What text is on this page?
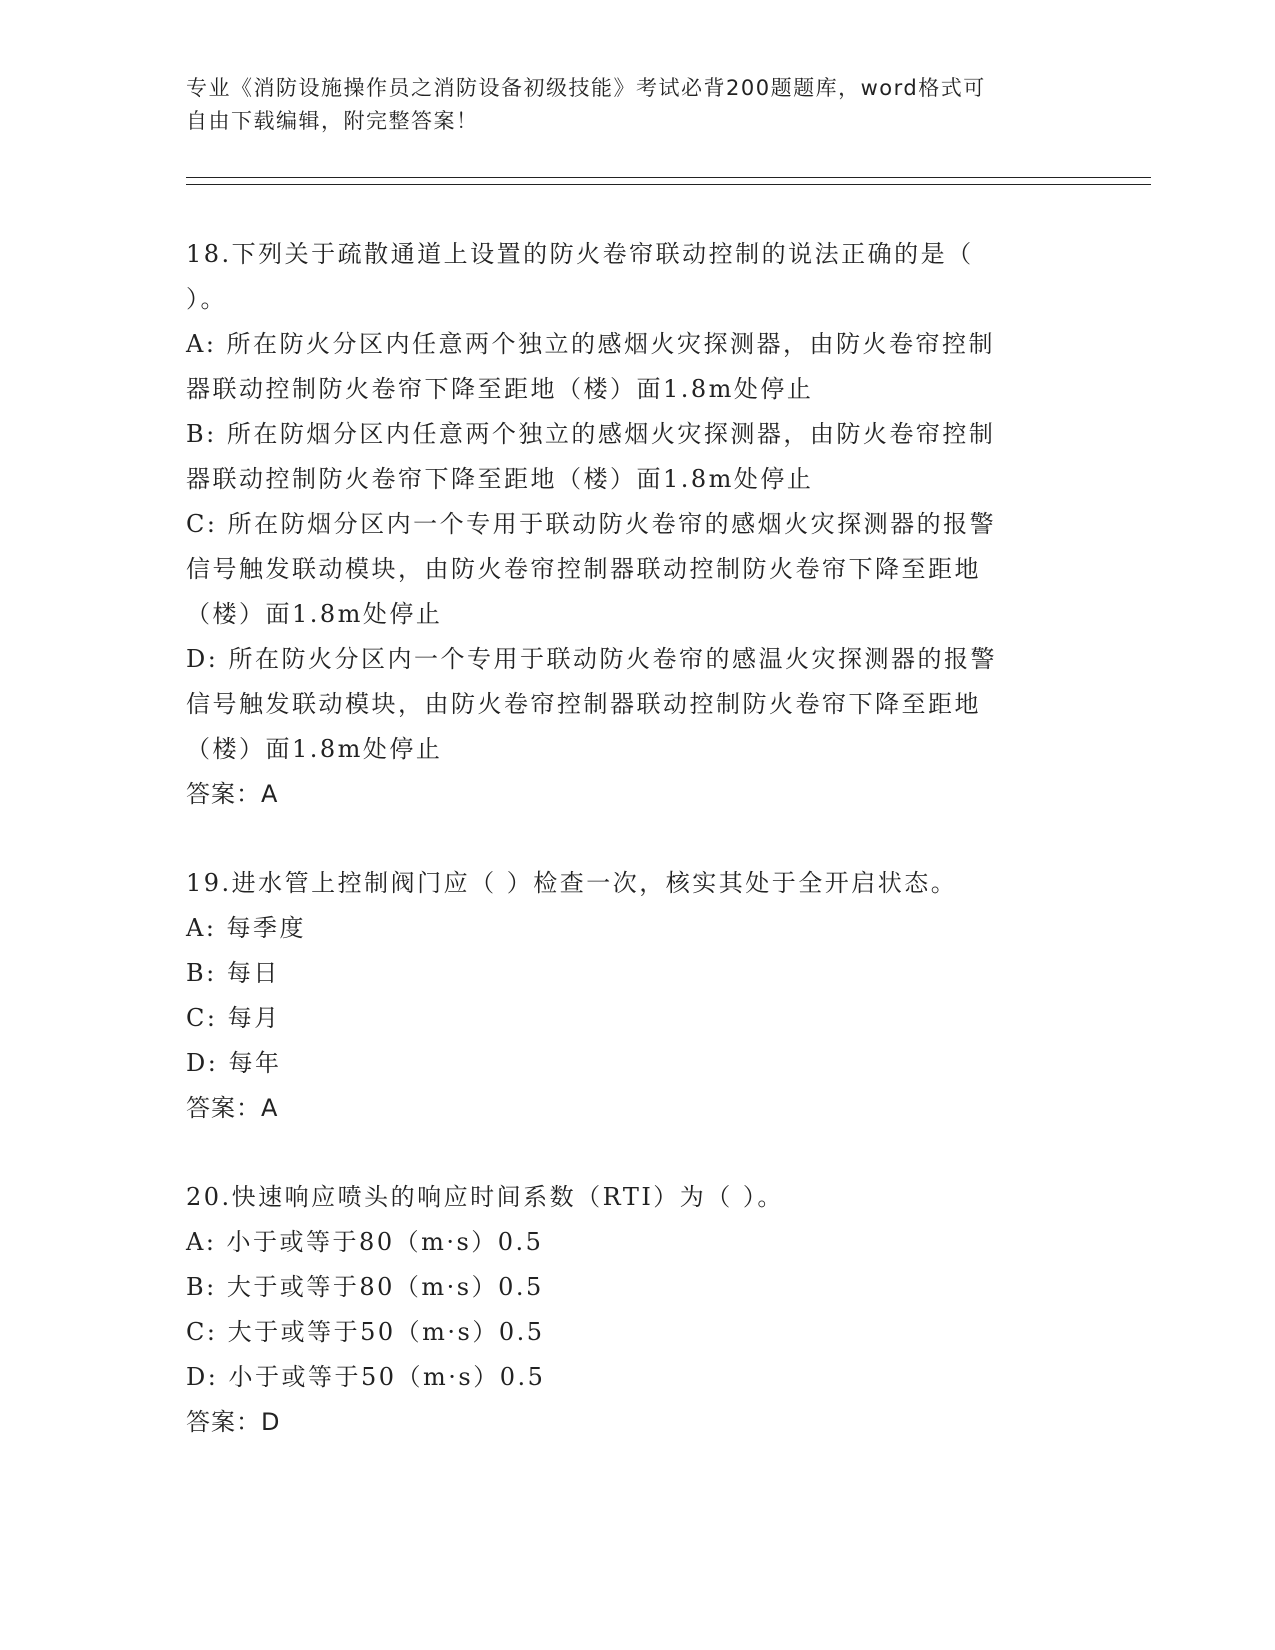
专业《消防设施操作员之消防设备初级技能》考试必背200题题库，word格式可
自由下载编辑，附完整答案！

18.下列关于疏散通道上设置的防火卷帘联动控制的说法正确的是（

）。

A: 所在防火分区内任意两个独立的感烟火灾探测器，由防火卷帘控制

器联动控制防火卷帘下降至距地（楼）面1.8m处停止

B: 所在防烟分区内任意两个独立的感烟火灾探测器，由防火卷帘控制

器联动控制防火卷帘下降至距地（楼）面1.8m处停止

C: 所在防烟分区内一个专用于联动防火卷帘的感烟火灾探测器的报警

信号触发联动模块，由防火卷帘控制器联动控制防火卷帘下降至距地

（楼）面1.8m处停止

D: 所在防火分区内一个专用于联动防火卷帘的感温火灾探测器的报警

信号触发联动模块，由防火卷帘控制器联动控制防火卷帘下降至距地

（楼）面1.8m处停止

答案：A

19.进水管上控制阀门应（ ）检查一次，核实其处于全开启状态。

A: 每季度

B: 每日

C: 每月

D: 每年

答案：A

20.快速响应喷头的响应时间系数（RTI）为（ ）。

A: 小于或等于80（m·s）0.5

B: 大于或等于80（m·s）0.5

C: 大于或等于50（m·s）0.5

D: 小于或等于50（m·s）0.5

答案：D
